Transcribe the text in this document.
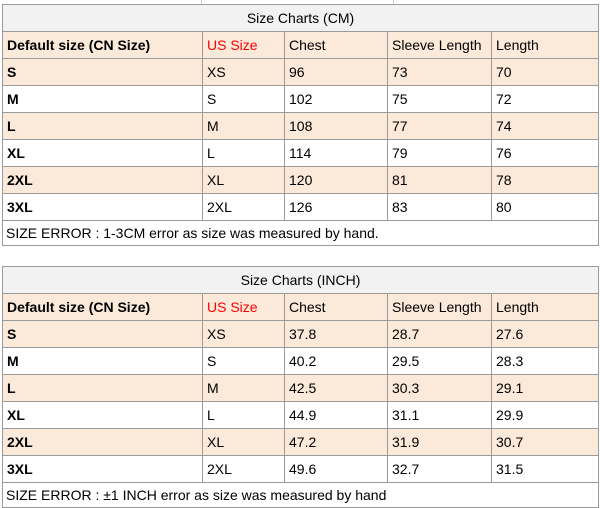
Size Charts (CM)				
Default size (CN Size)	US Size	Chest	Sleeve Length	Length
S	XS	96	73	70
M	S	102	75	72
L	M	108	77	74
XL	L	114	79	76
2XL	XL	120	81	78
3XL	2XL	126	83	80
SIZE ERROR : 1-3CM error as size was measured by hand.				
Size Charts (INCH)				
Default size (CN Size)	US Size	Chest	Sleeve Length	Length
S	XS	37.8	28.7	27.6
M	S	40.2	29.5	28.3
L	M	42.5	30.3	29.1
XL	L	44.9	31.1	29.9
2XL	XL	47.2	31.9	30.7
3XL	2XL	49.6	32.7	31.5
SIZE ERROR : ±1 INCH error as size was measured by hand				
